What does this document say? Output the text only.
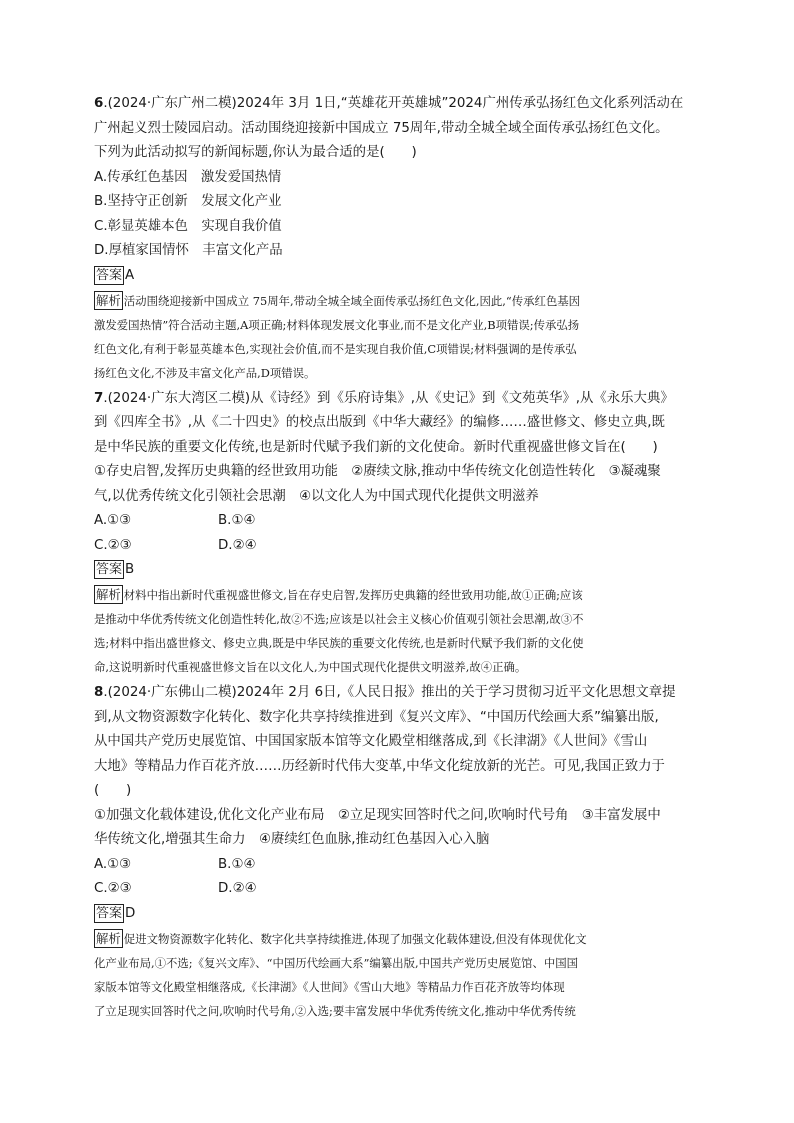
6.(2024·广东广州二模)2024年 3月 1日,“英雄花开英雄城”2024广州传承弘扬红色文化系列活动在

广州起义烈士陵园启动。活动围绕迎接新中国成立 75周年,带动全城全域全面传承弘扬红色文化。

下列为此活动拟写的新闻标题,你认为最合适的是(　　)

A.传承红色基因　激发爱国热情

B.坚持守正创新　发展文化产业

C.彰显英雄本色　实现自我价值

D.厚植家国情怀　丰富文化产品

答案 A

解析 活动围绕迎接新中国成立 75周年,带动全城全域全面传承弘扬红色文化,因此,“传承红色基因

激发爱国热情”符合活动主题,A项正确;材料体现发展文化事业,而不是文化产业,B项错误;传承弘扬

红色文化,有利于彰显英雄本色,实现社会价值,而不是实现自我价值,C项错误;材料强调的是传承弘

扬红色文化,不涉及丰富文化产品,D项错误。

7.(2024·广东大湾区二模)从《诗经》到《乐府诗集》,从《史记》到《文苑英华》,从《永乐大典》

到《四库全书》,从《二十四史》的校点出版到《中华大藏经》的编修……盛世修文、修史立典,既

是中华民族的重要文化传统,也是新时代赋予我们新的文化使命。新时代重视盛世修文旨在(　　)

①存史启智,发挥历史典籍的经世致用功能　②赓续文脉,推动中华传统文化创造性转化　③凝魂聚

气,以优秀传统文化引领社会思潮　④以文化人为中国式现代化提供文明滋养

A.①③	B.①④

C.②③	D.②④

答案 B

解析 材料中指出新时代重视盛世修文,旨在存史启智,发挥历史典籍的经世致用功能,故①正确;应该

是推动中华优秀传统文化创造性转化,故②不选;应该是以社会主义核心价值观引领社会思潮,故③不

选;材料中指出盛世修文、修史立典,既是中华民族的重要文化传统,也是新时代赋予我们新的文化使

命,这说明新时代重视盛世修文旨在以文化人,为中国式现代化提供文明滋养,故④正确。

8.(2024·广东佛山二模)2024年 2月 6日,《人民日报》推出的关于学习贯彻习近平文化思想文章提

到,从文物资源数字化转化、数字化共享持续推进到《复兴文库》、“中国历代绘画大系”编纂出版,

从中国共产党历史展览馆、中国国家版本馆等文化殿堂相继落成,到《长津湖》《人世间》《雪山

大地》等精品力作百花齐放……历经新时代伟大变革,中华文化绽放新的光芒。可见,我国正致力于

(　　)

①加强文化载体建设,优化文化产业布局　②立足现实回答时代之问,吹响时代号角　③丰富发展中

华传统文化,增强其生命力　④赓续红色血脉,推动红色基因入心入脑

A.①③	B.①④

C.②③	D.②④

答案 D

解析 促进文物资源数字化转化、数字化共享持续推进,体现了加强文化载体建设,但没有体现优化文

化产业布局,①不选;《复兴文库》、“中国历代绘画大系”编纂出版,中国共产党历史展览馆、中国国

家版本馆等文化殿堂相继落成,《长津湖》《人世间》《雪山大地》等精品力作百花齐放等均体现

了立足现实回答时代之问,吹响时代号角,②入选;要丰富发展中华优秀传统文化,推动中华优秀传统
